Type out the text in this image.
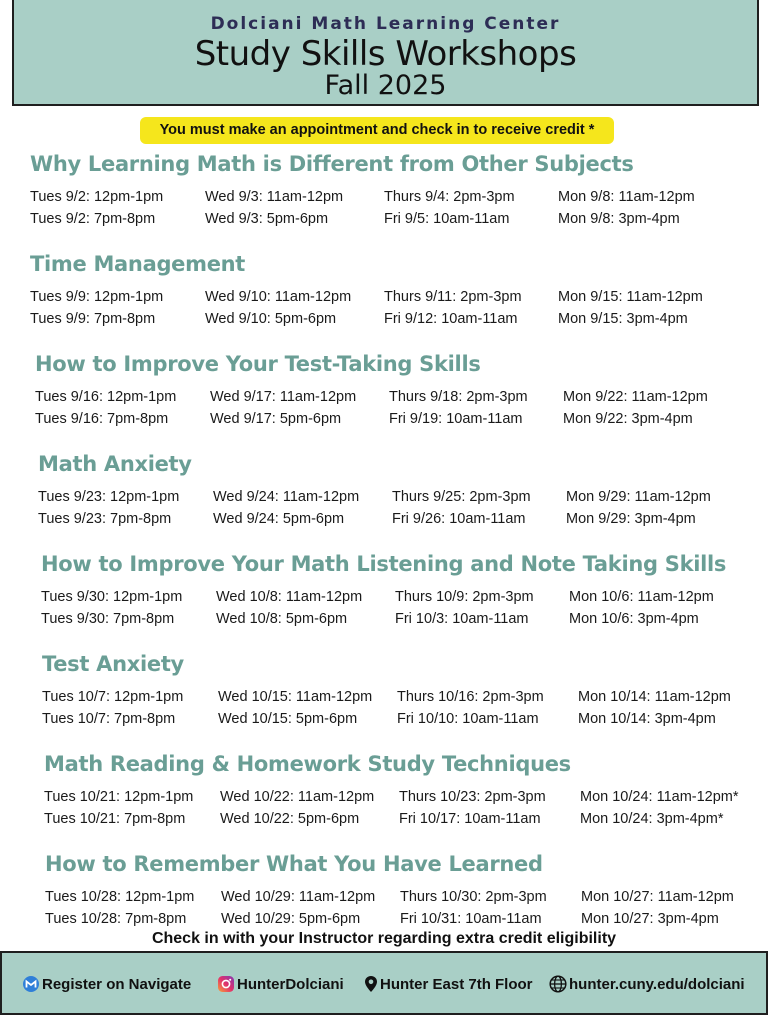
Dolciani Math Learning Center
Study Skills Workshops
Fall 2025
You must make an appointment and check in to receive credit *
Why Learning Math is Different from Other Subjects
Tues 9/2: 12pm-1pm	Wed 9/3: 11am-12pm	Thurs 9/4: 2pm-3pm	Mon 9/8: 11am-12pm
Tues 9/2: 7pm-8pm	Wed 9/3: 5pm-6pm	Fri 9/5: 10am-11am	Mon 9/8: 3pm-4pm
Time Management
Tues 9/9: 12pm-1pm	Wed 9/10: 11am-12pm Thurs 9/11: 2pm-3pm	Mon 9/15: 11am-12pm
Tues 9/9: 7pm-8pm	Wed 9/10: 5pm-6pm	Fri 9/12: 10am-11am	Mon 9/15: 3pm-4pm
How to Improve Your Test-Taking Skills
Tues 9/16: 12pm-1pm Wed 9/17: 11am-12pm Thurs 9/18: 2pm-3pm Mon 9/22: 11am-12pm
Tues 9/16: 7pm-8pm	Wed 9/17: 5pm-6pm	Fri 9/19: 10am-11am	Mon 9/22: 3pm-4pm
Math Anxiety
Tues 9/23: 12pm-1pm Wed 9/24: 11am-12pm Thurs 9/25: 2pm-3pm Mon 9/29: 11am-12pm
Tues 9/23: 7pm-8pm	Wed 9/24: 5pm-6pm	Fri 9/26: 10am-11am	Mon 9/29: 3pm-4pm
How to Improve Your Math Listening and Note Taking Skills
Tues 9/30: 12pm-1pm Wed 10/8: 11am-12pm Thurs 10/9: 2pm-3pm Mon 10/6: 11am-12pm
Tues 9/30: 7pm-8pm	Wed 10/8: 5pm-6pm	Fri 10/3: 10am-11am	Mon 10/6: 3pm-4pm
Test Anxiety
Tues 10/7: 12pm-1pm Wed 10/15: 11am-12pm Thurs 10/16: 2pm-3pm Mon 10/14: 11am-12pm
Tues 10/7: 7pm-8pm	Wed 10/15: 5pm-6pm	Fri 10/10: 10am-11am	Mon 10/14: 3pm-4pm
Math Reading & Homework Study Techniques
Tues 10/21: 12pm-1pm Wed 10/22: 11am-12pm Thurs 10/23: 2pm-3pm Mon 10/24: 11am-12pm*
Tues 10/21: 7pm-8pm Wed 10/22: 5pm-6pm	Fri 10/17: 10am-11am	Mon 10/24: 3pm-4pm*
How to Remember What You Have Learned
Tues 10/28: 12pm-1pm Wed 10/29: 11am-12pm Thurs 10/30: 2pm-3pm Mon 10/27: 11am-12pm
Tues 10/28: 7pm-8pm Wed 10/29: 5pm-6pm	Fri 10/31: 10am-11am	Mon 10/27: 3pm-4pm
Check in with your Instructor regarding extra credit eligibility
Register on Navigate	HunterDolciani Hunter East 7th Floor hunter.cuny.edu/dolciani
